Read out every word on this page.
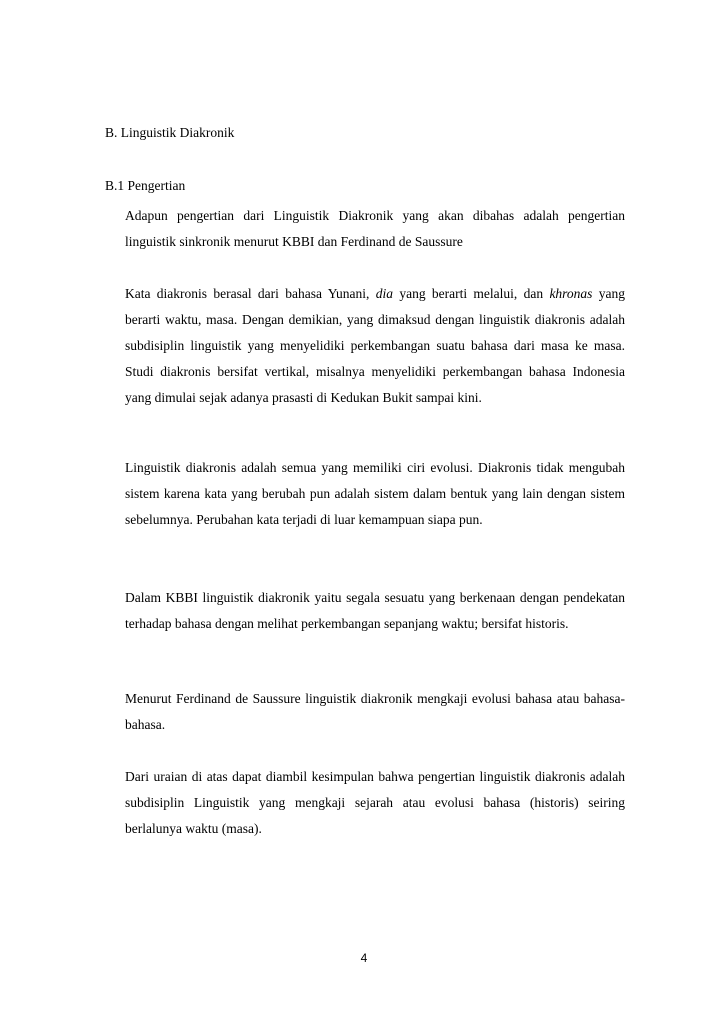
B. Linguistik Diakronik
B.1 Pengertian

Adapun pengertian dari Linguistik Diakronik yang akan dibahas adalah pengertian linguistik sinkronik menurut KBBI dan Ferdinand de Saussure

Kata diakronis berasal dari bahasa Yunani, dia yang berarti melalui, dan khronas yang berarti waktu, masa. Dengan demikian, yang dimaksud dengan linguistik diakronis adalah subdisiplin linguistik yang menyelidiki perkembangan suatu bahasa dari masa ke masa. Studi diakronis bersifat vertikal, misalnya menyelidiki perkembangan bahasa Indonesia yang dimulai sejak adanya prasasti di Kedukan Bukit sampai kini.

Linguistik diakronis adalah semua yang memiliki ciri evolusi. Diakronis tidak mengubah sistem karena kata yang berubah pun adalah sistem dalam bentuk yang lain dengan sistem sebelumnya. Perubahan kata terjadi di luar kemampuan siapa pun.

Dalam KBBI linguistik diakronik yaitu segala sesuatu yang berkenaan dengan pendekatan terhadap bahasa dengan melihat perkembangan sepanjang waktu; bersifat historis.

Menurut Ferdinand de Saussure linguistik diakronik mengkaji evolusi bahasa atau bahasa-bahasa.

Dari uraian di atas dapat diambil kesimpulan bahwa pengertian linguistik diakronis adalah subdisiplin Linguistik yang mengkaji sejarah atau evolusi bahasa (historis) seiring berlalunya waktu (masa).

4
